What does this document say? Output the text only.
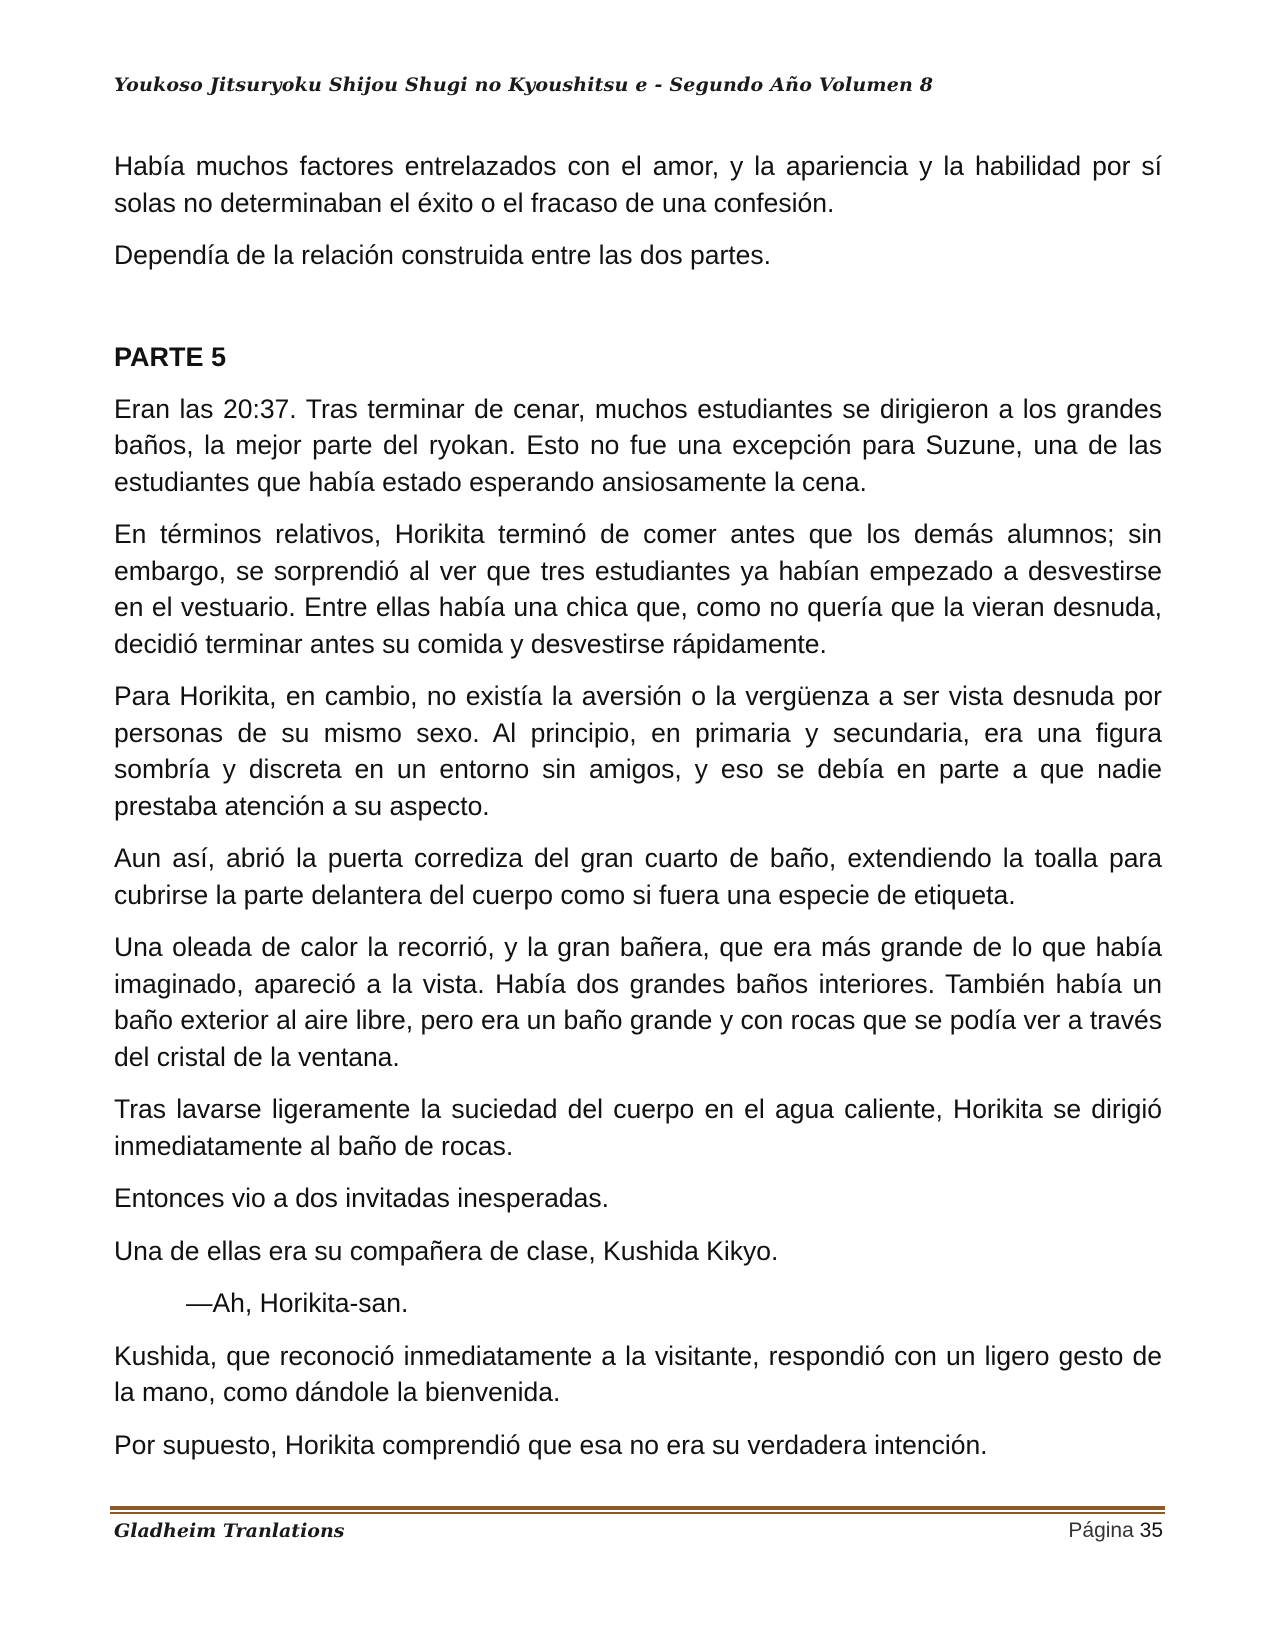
Youkoso Jitsuryoku Shijou Shugi no Kyoushitsu e - Segundo Año Volumen 8

Había muchos factores entrelazados con el amor, y la apariencia y la habilidad por sí solas no determinaban el éxito o el fracaso de una confesión.

Dependía de la relación construida entre las dos partes.

PARTE 5

Eran las 20:37. Tras terminar de cenar, muchos estudiantes se dirigieron a los grandes baños, la mejor parte del ryokan. Esto no fue una excepción para Suzune, una de las estudiantes que había estado esperando ansiosamente la cena.

En términos relativos, Horikita terminó de comer antes que los demás alumnos; sin embargo, se sorprendió al ver que tres estudiantes ya habían empezado a desvestirse en el vestuario. Entre ellas había una chica que, como no quería que la vieran desnuda, decidió terminar antes su comida y desvestirse rápidamente.

Para Horikita, en cambio, no existía la aversión o la vergüenza a ser vista desnuda por personas de su mismo sexo. Al principio, en primaria y secundaria, era una figura sombría y discreta en un entorno sin amigos, y eso se debía en parte a que nadie prestaba atención a su aspecto.

Aun así, abrió la puerta corrediza del gran cuarto de baño, extendiendo la toalla para cubrirse la parte delantera del cuerpo como si fuera una especie de etiqueta.

Una oleada de calor la recorrió, y la gran bañera, que era más grande de lo que había imaginado, apareció a la vista. Había dos grandes baños interiores. También había un baño exterior al aire libre, pero era un baño grande y con rocas que se podía ver a través del cristal de la ventana.

Tras lavarse ligeramente la suciedad del cuerpo en el agua caliente, Horikita se dirigió inmediatamente al baño de rocas.

Entonces vio a dos invitadas inesperadas.

Una de ellas era su compañera de clase, Kushida Kikyo.

—Ah, Horikita-san.

Kushida, que reconoció inmediatamente a la visitante, respondió con un ligero gesto de la mano, como dándole la bienvenida.

Por supuesto, Horikita comprendió que esa no era su verdadera intención.

Gladheim Tranlations	Página 35
